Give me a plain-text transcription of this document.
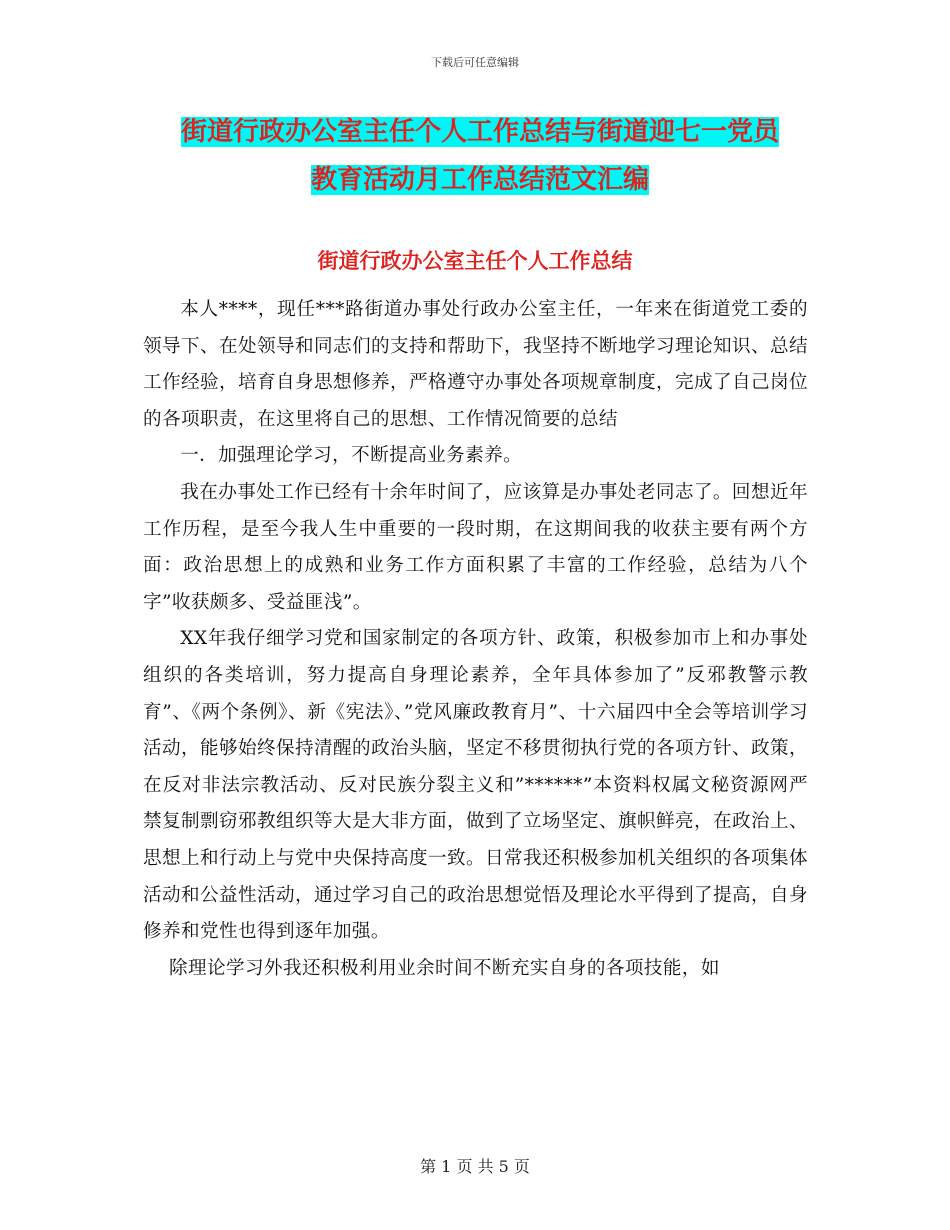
下载后可任意编辑
街道行政办公室主任个人工作总结与街道迎七一党员
教育活动月工作总结范文汇编
街道行政办公室主任个人工作总结

本人****，现任***路街道办事处行政办公室主任，一年来在街道党工委的领导下、在处领导和同志们的支持和帮助下，我坚持不断地学习理论知识、总结工作经验，培育自身思想修养，严格遵守办事处各项规章制度，完成了自己岗位的各项职责，在这里将自己的思想、工作情况简要的总结

一．加强理论学习，不断提高业务素养。

我在办事处工作已经有十余年时间了，应该算是办事处老同志了。回想近年工作历程，是至今我人生中重要的一段时期，在这期间我的收获主要有两个方面：政治思想上的成熟和业务工作方面积累了丰富的工作经验，总结为八个字”收获颇多、受益匪浅”。

XX年我仔细学习党和国家制定的各项方针、政策，积极参加市上和办事处组织的各类培训，努力提高自身理论素养，全年具体参加了”反邪教警示教育”、《两个条例》、新《宪法》、”党风廉政教育月”、十六届四中全会等培训学习活动，能够始终保持清醒的政治头脑，坚定不移贯彻执行党的各项方针、政策，在反对非法宗教活动、反对民族分裂主义和”******”本资料权属文秘资源网严禁复制剽窃邪教组织等大是大非方面，做到了立场坚定、旗帜鲜亮，在政治上、思想上和行动上与党中央保持高度一致。日常我还积极参加机关组织的各项集体活动和公益性活动，通过学习自己的政治思想觉悟及理论水平得到了提高，自身修养和党性也得到逐年加强。

除理论学习外我还积极利用业余时间不断充实自身的各项技能，如

第 1 页 共 5 页
